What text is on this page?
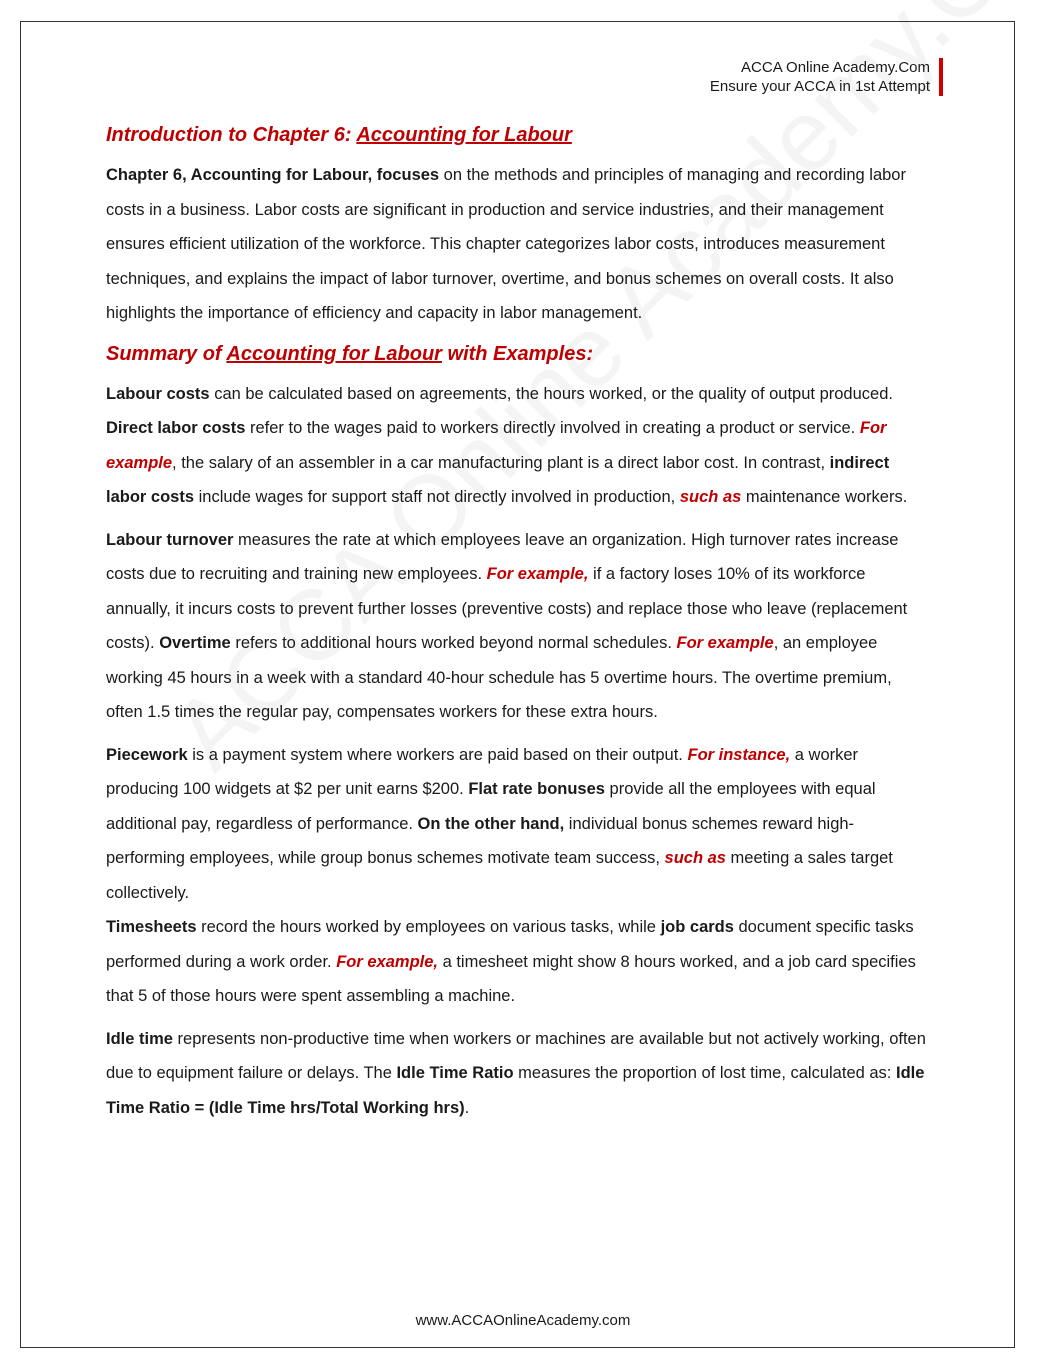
ACCA Online Academy.Com
Ensure your ACCA in 1st Attempt
Introduction to Chapter 6: Accounting for Labour

Chapter 6, Accounting for Labour, focuses on the methods and principles of managing and recording labor costs in a business. Labor costs are significant in production and service industries, and their management ensures efficient utilization of the workforce. This chapter categorizes labor costs, introduces measurement techniques, and explains the impact of labor turnover, overtime, and bonus schemes on overall costs. It also highlights the importance of efficiency and capacity in labor management.

Summary of Accounting for Labour with Examples:

Labour costs can be calculated based on agreements, the hours worked, or the quality of output produced. Direct labor costs refer to the wages paid to workers directly involved in creating a product or service. For example, the salary of an assembler in a car manufacturing plant is a direct labor cost. In contrast, indirect labor costs include wages for support staff not directly involved in production, such as maintenance workers.

Labour turnover measures the rate at which employees leave an organization. High turnover rates increase costs due to recruiting and training new employees. For example, if a factory loses 10% of its workforce annually, it incurs costs to prevent further losses (preventive costs) and replace those who leave (replacement costs). Overtime refers to additional hours worked beyond normal schedules. For example, an employee working 45 hours in a week with a standard 40-hour schedule has 5 overtime hours. The overtime premium, often 1.5 times the regular pay, compensates workers for these extra hours.

Piecework is a payment system where workers are paid based on their output. For instance, a worker producing 100 widgets at $2 per unit earns $200. Flat rate bonuses provide all the employees with equal additional pay, regardless of performance. On the other hand, individual bonus schemes reward high-performing employees, while group bonus schemes motivate team success, such as meeting a sales target collectively.

Timesheets record the hours worked by employees on various tasks, while job cards document specific tasks performed during a work order. For example, a timesheet might show 8 hours worked, and a job card specifies that 5 of those hours were spent assembling a machine.

Idle time represents non-productive time when workers or machines are available but not actively working, often due to equipment failure or delays. The Idle Time Ratio measures the proportion of lost time, calculated as: Idle Time Ratio = (Idle Time hrs/Total Working hrs).

www.ACCAOnlineAcademy.com
